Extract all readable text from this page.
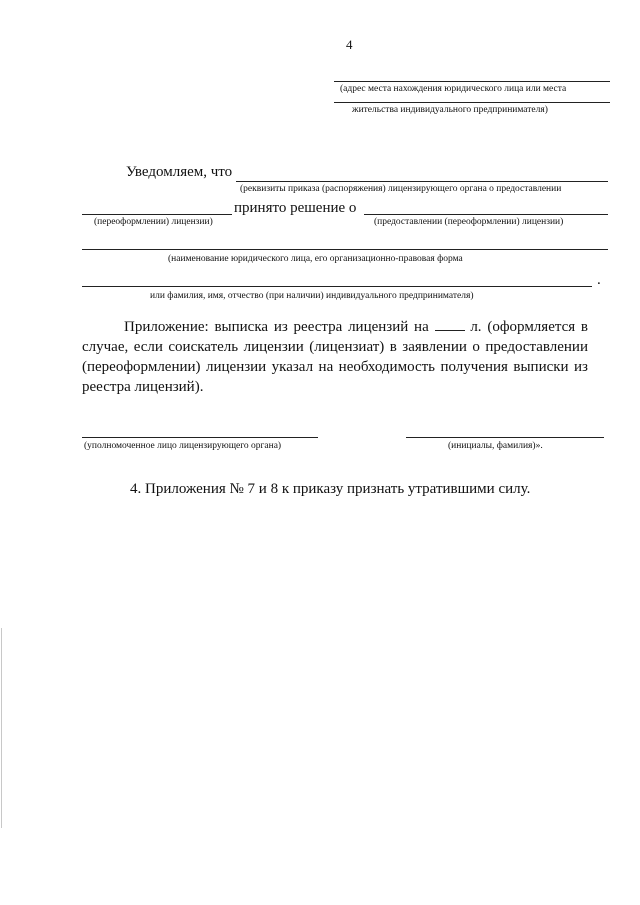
4
(адрес места нахождения юридического лица или места
жительства индивидуального предпринимателя)
Уведомляем, что
(реквизиты приказа (распоряжения) лицензирующего органа о предоставлении
принято решение о
(переоформлении) лицензии)	(предоставлении (переоформлении) лицензии)
(наименование юридического лица, его организационно-правовая форма
.
или фамилия, имя, отчество (при наличии) индивидуального предпринимателя)
Приложение: выписка из реестра лицензий на	л. (оформляется в случае, если соискатель лицензии (лицензиат) в заявлении о предоставлении (переоформлении) лицензии указал на необходимость получения выписки из реестра лицензий).
(уполномоченное лицо лицензирующего органа)	(инициалы, фамилия)».
4. Приложения № 7 и 8 к приказу признать утратившими силу.
